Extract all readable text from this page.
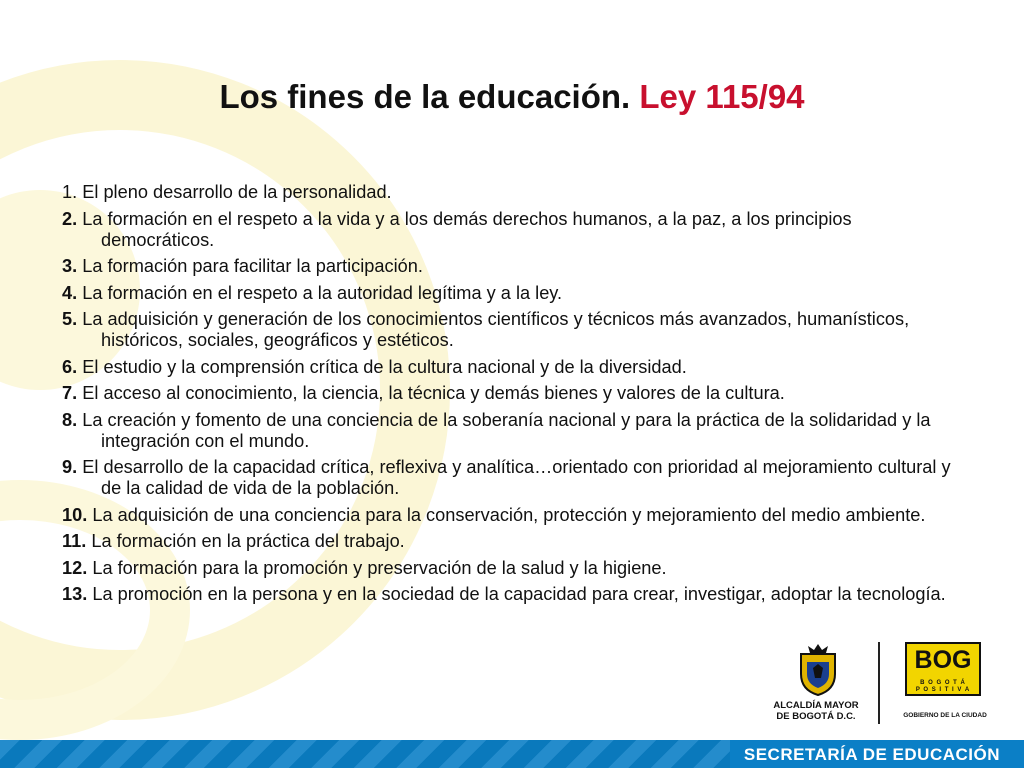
Los fines de la educación. Ley 115/94
1. El pleno desarrollo de la personalidad.
2. La formación en el respeto a la vida y a los demás derechos humanos, a la paz, a los principios democráticos.
3. La formación para facilitar la participación.
4. La formación en el respeto a la autoridad legítima y a la ley.
5. La adquisición y generación de los conocimientos científicos y técnicos más avanzados, humanísticos, históricos, sociales, geográficos y estéticos.
6. El estudio y la comprensión crítica de la cultura nacional y de la diversidad.
7. El acceso al conocimiento, la ciencia, la técnica y demás bienes y valores de la cultura.
8. La creación y fomento de una conciencia de la soberanía nacional y para la práctica de la solidaridad y la integración con el mundo.
9. El desarrollo de la capacidad crítica, reflexiva y analítica…orientado con prioridad al mejoramiento cultural y de la calidad de vida de la población.
10. La adquisición de una conciencia para la conservación, protección y mejoramiento del medio ambiente.
11. La formación en la práctica del trabajo.
12. La formación para la promoción y preservación de la salud y la higiene.
13. La promoción en la persona y en la sociedad de la capacidad para crear, investigar, adoptar la tecnología.
ALCALDÍA MAYOR
DE BOGOTÁ D.C.
BOG
B O G O T Á
P O S I T I V A
GOBIERNO DE LA CIUDAD
SECRETARÍA DE EDUCACIÓN
